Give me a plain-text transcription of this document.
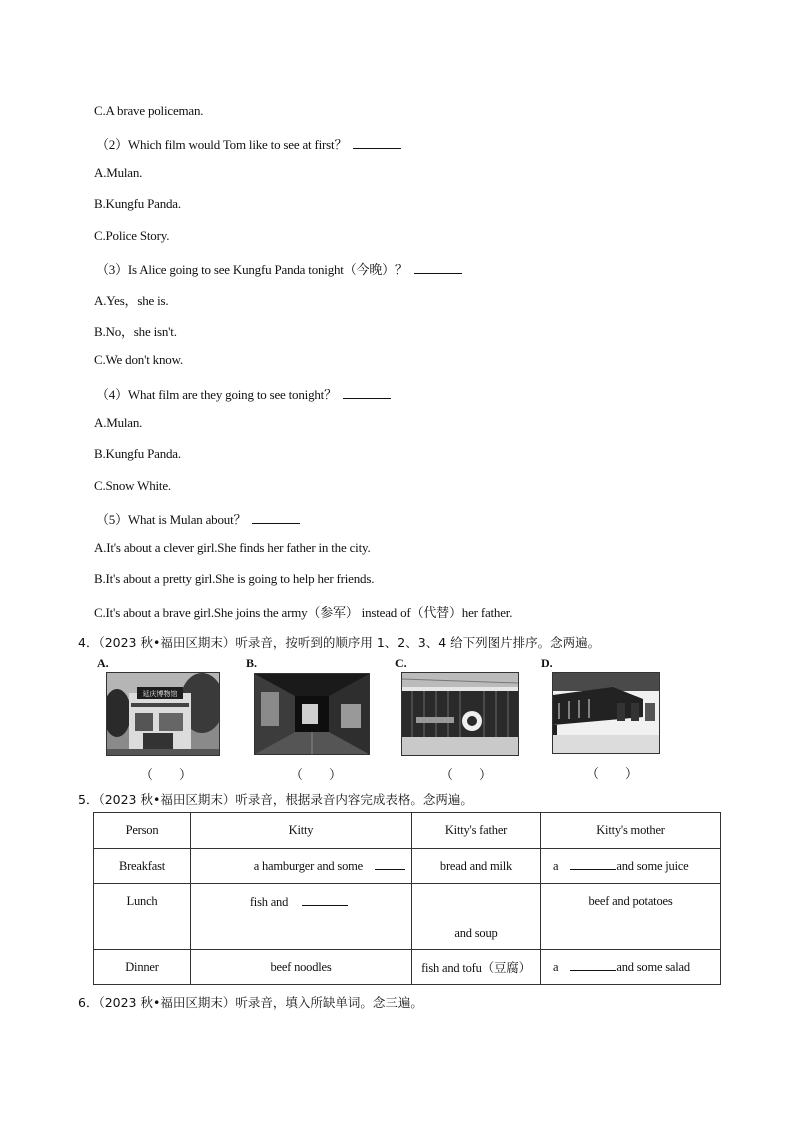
C.A brave policeman.
（2）Which film would Tom like to see at first？
A.Mulan.
B.Kungfu Panda.
C.Police Story.
（3）Is Alice going to see Kungfu Panda tonight（今晚）？
A.Yes，she is.
B.No，she isn't.
C.We don't know.
（4）What film are they going to see tonight？
A.Mulan.
B.Kungfu Panda.
C.Snow White.
（5）What is Mulan about？
A.It's about a clever girl.She finds her father in the city.
B.It's about a pretty girl.She is going to help her friends.
C.It's about a brave girl.She joins the army（参军） instead of（代替）her father.
4．（2023 秋•福田区期末）听录音，按听到的顺序用 1、2、3、4 给下列图片排序。念两遍。
A.
延庆博物馆
（　　）
B.
（　　）
C.
（　　）
D.
（　　）
5．（2023 秋•福田区期末）听录音，根据录音内容完成表格。念两遍。
Person	Kitty	Kitty's father	Kitty's mother
Breakfast	a hamburger and some	bread and milk	a and some juice
Lunch	fish and	and soup	beef and potatoes
Dinner	beef noodles	fish and tofu（豆腐）	a and some salad
6．（2023 秋•福田区期末）听录音，填入所缺单词。念三遍。
